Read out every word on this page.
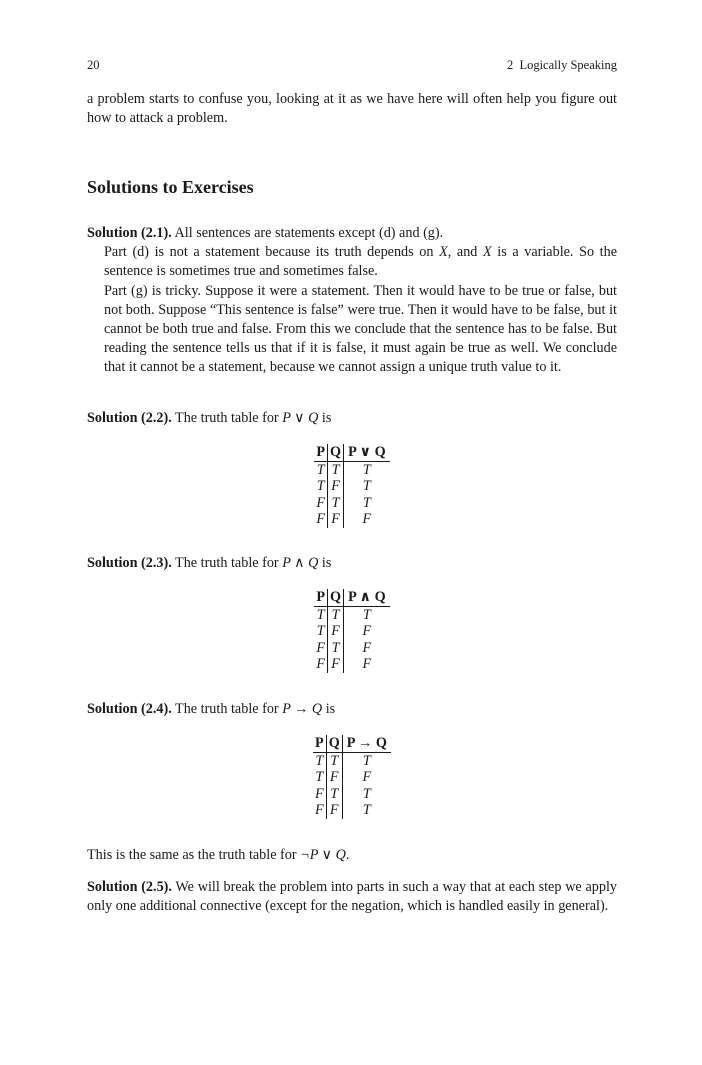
20	2  Logically Speaking
a problem starts to confuse you, looking at it as we have here will often help you figure out how to attack a problem.
Solutions to Exercises
Solution (2.1). All sentences are statements except (d) and (g).
Part (d) is not a statement because its truth depends on X, and X is a variable. So the sentence is sometimes true and sometimes false.
Part (g) is tricky. Suppose it were a statement. Then it would have to be true or false, but not both. Suppose “This sentence is false” were true. Then it would have to be false, but it cannot be both true and false. From this we conclude that the sentence has to be false. But reading the sentence tells us that if it is false, it must again be true as well. We conclude that it cannot be a statement, because we cannot assign a unique truth value to it.
Solution (2.2). The truth table for P ∨ Q is
P	Q	P ∨ Q
T	T	T
T	F	T
F	T	T
F	F	F
Solution (2.3). The truth table for P ∧ Q is
P	Q	P ∧ Q
T	T	T
T	F	F
F	T	F
F	F	F
Solution (2.4). The truth table for P → Q is
P	Q	P → Q
T	T	T
T	F	F
F	T	T
F	F	T
This is the same as the truth table for ¬P ∨ Q.
Solution (2.5). We will break the problem into parts in such a way that at each step we apply only one additional connective (except for the negation, which is handled easily in general).
